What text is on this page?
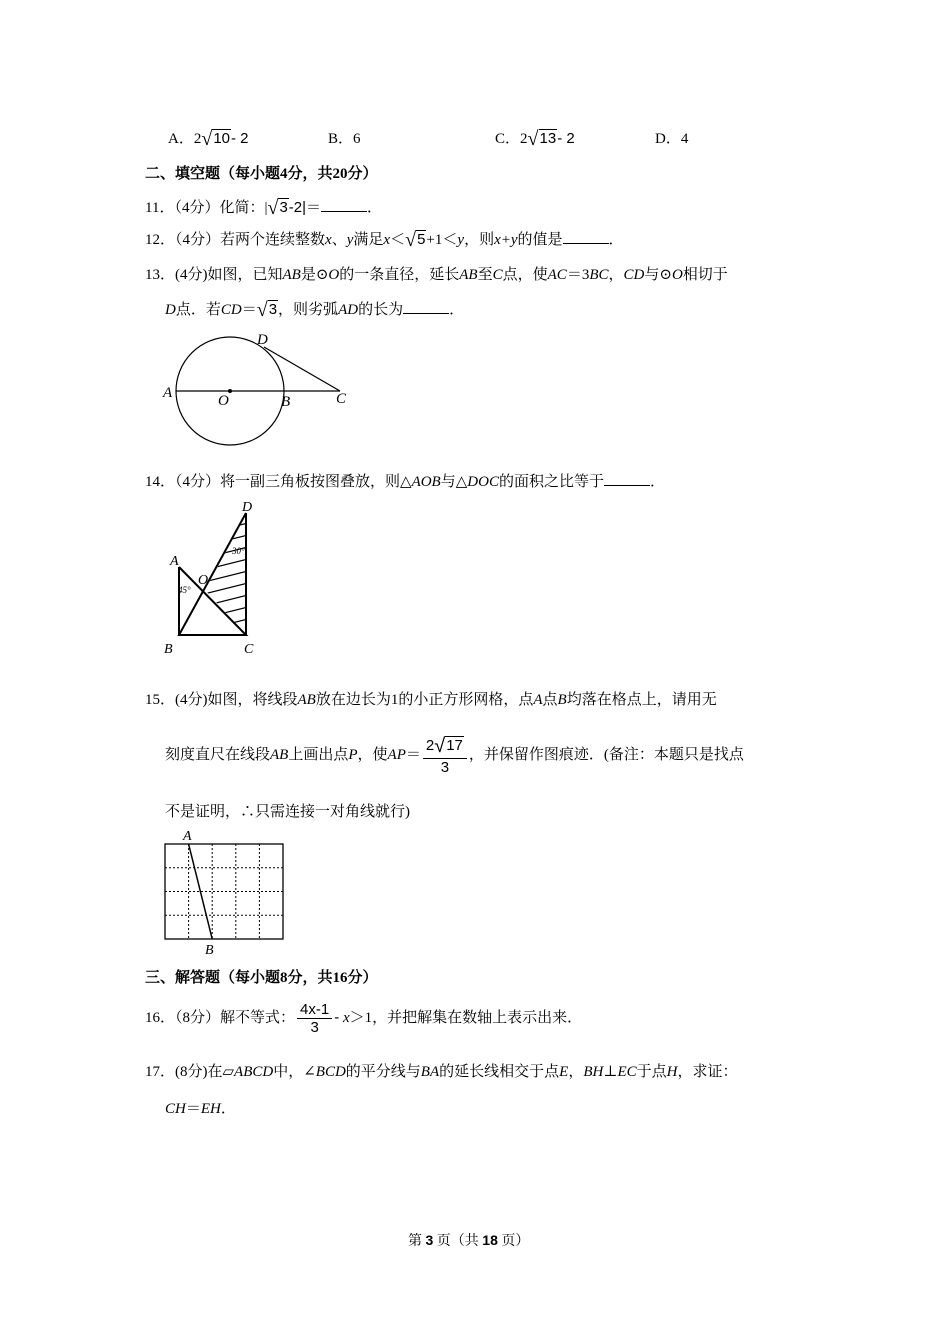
A．2√10- 2	B．6	C．2√13- 2	D．4
二、填空题（每小题4分，共20分）
11．（4分）化简：|√3-2|＝	．
12．（4分）若两个连续整数x、y满足x＜√5+1＜y，则x+y的值是	．
13．(4分)如图，已知AB是⊙O的一条直径，延长AB至C点，使AC＝3BC，CD与⊙O相切于
D点．若CD＝√3，则劣弧AD的长为	．
A	O	B	C
D
14．（4分）将一副三角板按图叠放，则△AOB与△DOC的面积之比等于	．
A
B	C
D
O
30°
45°
15．(4分)如图，将线段AB放在边长为1的小正方形网格，点A点B均落在格点上，请用无
刻度直尺在线段AB上画出点P，使$AP= \frac{2√17}{3}$ ，并保留作图痕迹．(备注：本题只是找点
不是证明，∴只需连接一对角线就行)
A
B
三、解答题（每小题8分，共16分）
16．（8分）解不等式： $\frac{4x-1}{3} - x>1$，并把解集在数轴上表示出来．
17．(8分)在▱ABCD中，∠BCD的平分线与BA的延长线相交于点E，BH⊥EC于点H，求证：
CH＝EH．
第 3 页（共 18 页）
